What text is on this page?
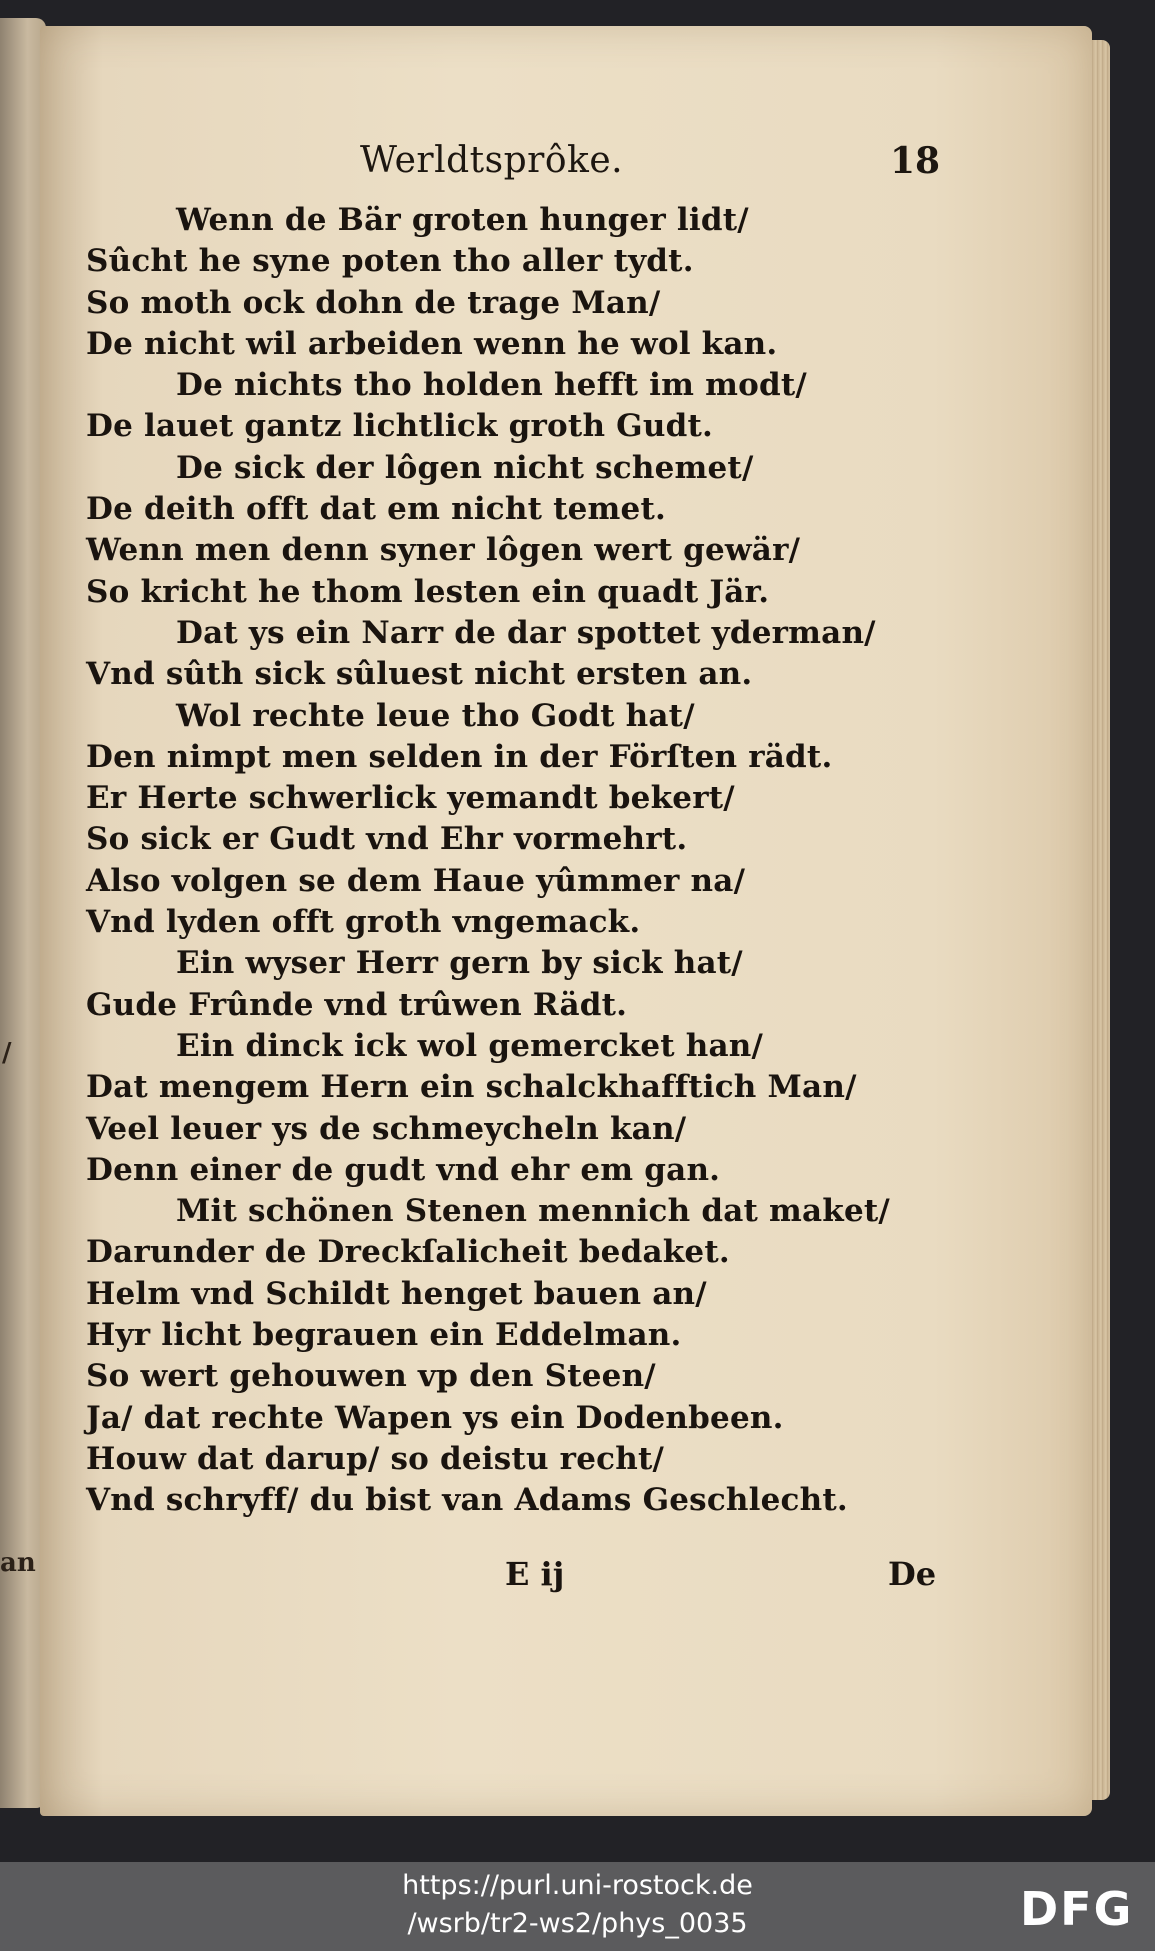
/
an
Werldtsprôke.	18
Wenn de Bär groten hunger lidt/
Sûcht he syne poten tho aller tydt.
So moth ock dohn de trage Man/
De nicht wil arbeiden wenn he wol kan.
De nichts tho holden hefft im modt/
De lauet gantz lichtlick groth Gudt.
De sick der lôgen nicht schemet/
De deith offt dat em nicht temet.
Wenn men denn syner lôgen wert gewär/
So kricht he thom lesten ein quadt Jär.
Dat ys ein Narr de dar spottet yderman/
Vnd sûth sick sûluest nicht ersten an.
Wol rechte leue tho Godt hat/
Den nimpt men selden in der Förſten rädt.
Er Herte schwerlick yemandt bekert/
So sick er Gudt vnd Ehr vormehrt.
Also volgen se dem Haue yûmmer na/
Vnd lyden offt groth vngemack.
Ein wyser Herr gern by sick hat/
Gude Frûnde vnd trûwen Rädt.
Ein dinck ick wol gemercket han/
Dat mengem Hern ein schalckhafftich Man/
Veel leuer ys de schmeycheln kan/
Denn einer de gudt vnd ehr em gan.
Mit schönen Stenen mennich dat maket/
Darunder de Dreckſalicheit bedaket.
Helm vnd Schildt henget bauen an/
Hyr licht begrauen ein Eddelman.
So wert gehouwen vp den Steen/
Ja/ dat rechte Wapen ys ein Dodenbeen.
Houw dat darup/ so deistu recht/
Vnd schryff/ du bist van Adams Geschlecht.
E ij	De
https://purl.uni-rostock.de
/wsrb/tr2-ws2/phys_0035	DFG
